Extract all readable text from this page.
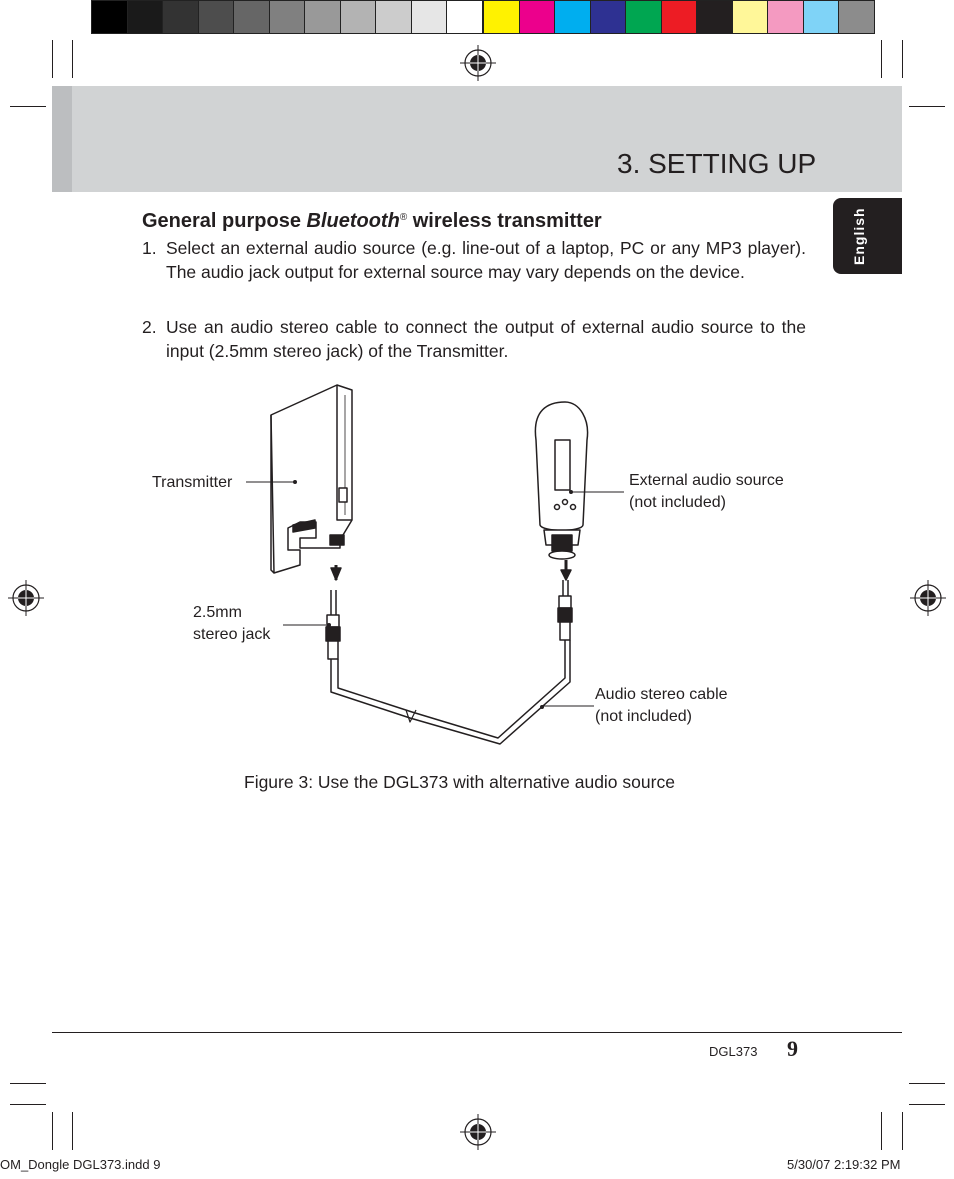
3. SETTING UP
English
General purpose Bluetooth® wireless transmitter
1. Select an external audio source (e.g. line-out of a laptop, PC or any MP3 player). The audio jack output for external source may vary depends on the device.
2. Use an audio stereo cable to connect the output of external audio source to the input (2.5mm stereo jack) of the Transmitter.
Transmitter	External audio source
(not included)
2.5mm
stereo jack
Audio stereo cable
(not included)
Figure 3: Use the DGL373 with alternative audio source
DGL373 9
OM_Dongle DGL373.indd 9	5/30/07 2:19:32 PM
